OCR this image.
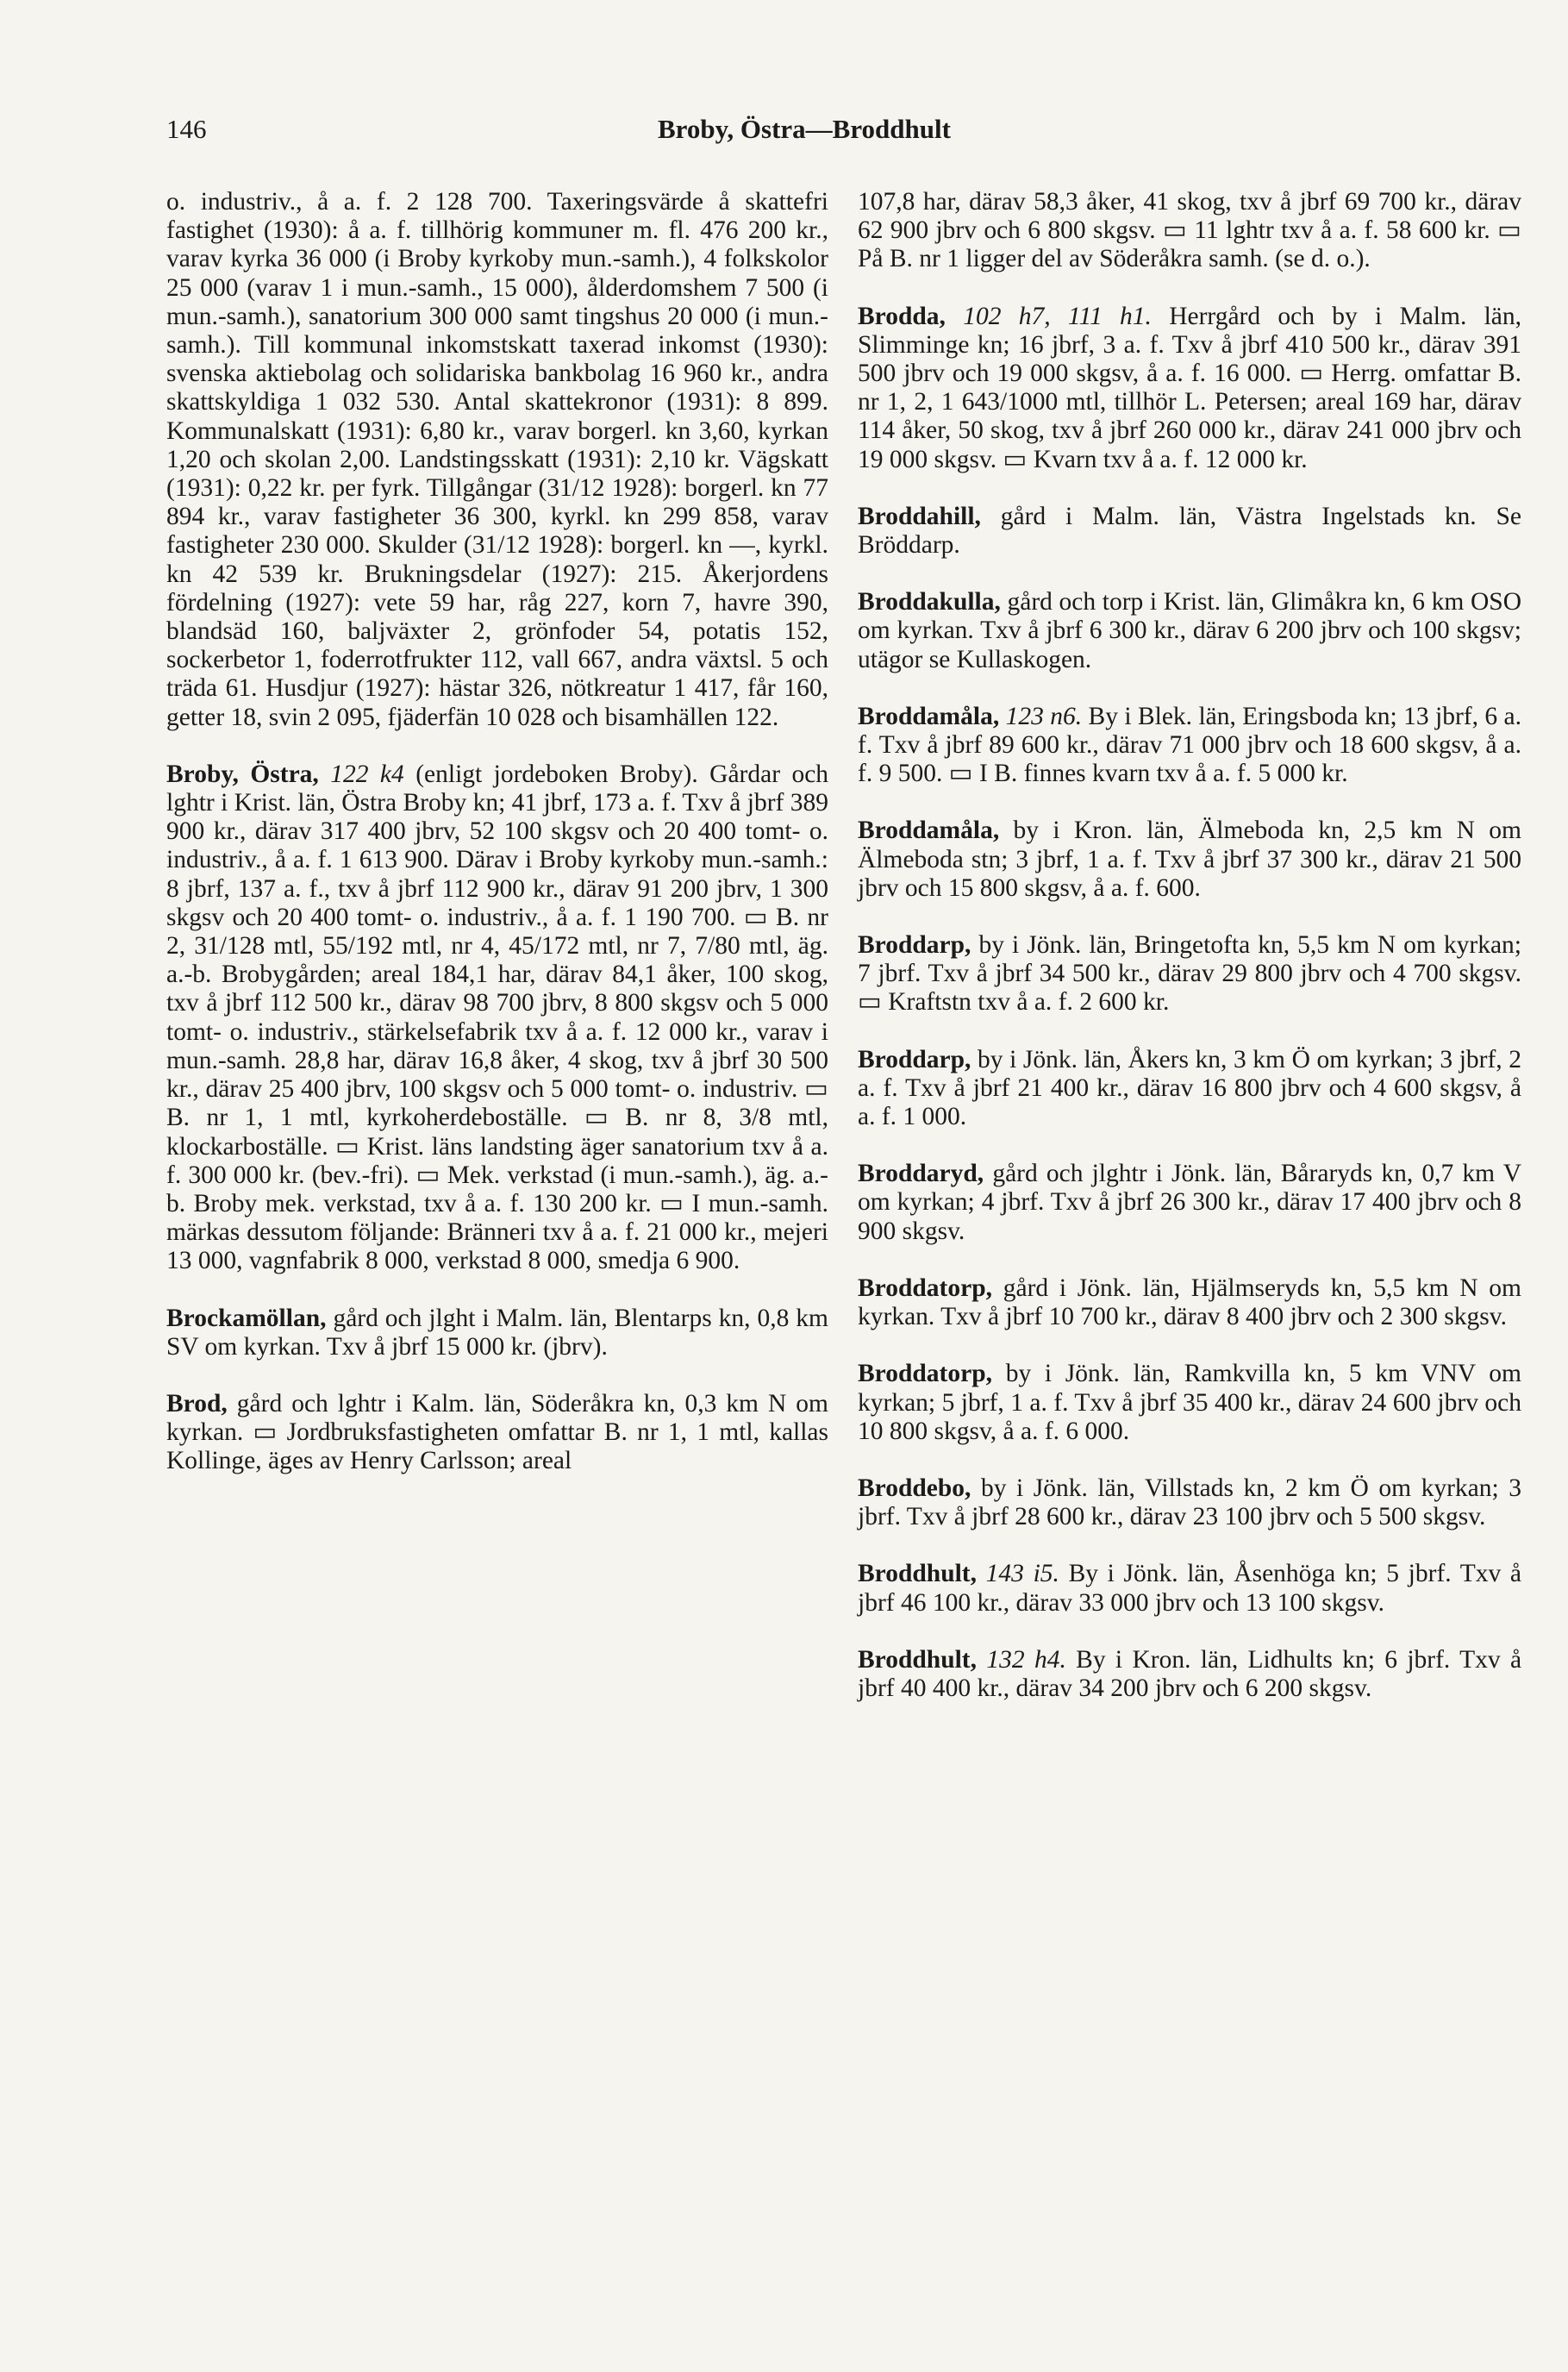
146	Broby, Östra—Broddhult

o. industriv., å a. f. 2 128 700. Taxeringsvärde å skattefri fastighet (1930): å a. f. tillhörig kommuner m. fl. 476 200 kr., varav kyrka 36 000 (i Broby kyrkoby mun.-samh.), 4 folkskolor 25 000 (varav 1 i mun.-samh., 15 000), ålderdomshem 7 500 (i mun.-samh.), sanatorium 300 000 samt tingshus 20 000 (i mun.-samh.). Till kommunal inkomstskatt taxerad inkomst (1930): svenska aktiebolag och solidariska bankbolag 16 960 kr., andra skattskyldiga 1 032 530. Antal skattekronor (1931): 8 899. Kommunalskatt (1931): 6,80 kr., varav borgerl. kn 3,60, kyrkan 1,20 och skolan 2,00. Landstingsskatt (1931): 2,10 kr. Vägskatt (1931): 0,22 kr. per fyrk. Tillgångar (31/12 1928): borgerl. kn 77 894 kr., varav fastigheter 36 300, kyrkl. kn 299 858, varav fastigheter 230 000. Skulder (31/12 1928): borgerl. kn —, kyrkl. kn 42 539 kr. Brukningsdelar (1927): 215. Åkerjordens fördelning (1927): vete 59 har, råg 227, korn 7, havre 390, blandsäd 160, baljväxter 2, grönfoder 54, potatis 152, sockerbetor 1, foderrotfrukter 112, vall 667, andra växtsl. 5 och träda 61. Husdjur (1927): hästar 326, nötkreatur 1 417, får 160, getter 18, svin 2 095, fjäderfän 10 028 och bisamhällen 122.

Broby, Östra, 122 k4 (enligt jordeboken Broby). Gårdar och lghtr i Krist. län, Östra Broby kn; 41 jbrf, 173 a. f. Txv å jbrf 389 900 kr., därav 317 400 jbrv, 52 100 skgsv och 20 400 tomt- o. industriv., å a. f. 1 613 900. Därav i Broby kyrkoby mun.-samh.: 8 jbrf, 137 a. f., txv å jbrf 112 900 kr., därav 91 200 jbrv, 1 300 skgsv och 20 400 tomt- o. industriv., å a. f. 1 190 700. ▭ B. nr 2, 31/128 mtl, 55/192 mtl, nr 4, 45/172 mtl, nr 7, 7/80 mtl, äg. a.-b. Brobygården; areal 184,1 har, därav 84,1 åker, 100 skog, txv å jbrf 112 500 kr., därav 98 700 jbrv, 8 800 skgsv och 5 000 tomt- o. industriv., stärkelsefabrik txv å a. f. 12 000 kr., varav i mun.-samh. 28,8 har, därav 16,8 åker, 4 skog, txv å jbrf 30 500 kr., därav 25 400 jbrv, 100 skgsv och 5 000 tomt- o. industriv. ▭ B. nr 1, 1 mtl, kyrkoherdeboställe. ▭ B. nr 8, 3/8 mtl, klockarboställe. ▭ Krist. läns landsting äger sanatorium txv å a. f. 300 000 kr. (bev.-fri). ▭ Mek. verkstad (i mun.-samh.), äg. a.-b. Broby mek. verkstad, txv å a. f. 130 200 kr. ▭ I mun.-samh. märkas dessutom följande: Bränneri txv å a. f. 21 000 kr., mejeri 13 000, vagnfabrik 8 000, verkstad 8 000, smedja 6 900.

Brockamöllan, gård och jlght i Malm. län, Blentarps kn, 0,8 km SV om kyrkan. Txv å jbrf 15 000 kr. (jbrv).

Brod, gård och lghtr i Kalm. län, Söderåkra kn, 0,3 km N om kyrkan. ▭ Jordbruksfastigheten omfattar B. nr 1, 1 mtl, kallas Kollinge, äges av Henry Carlsson; areal

107,8 har, därav 58,3 åker, 41 skog, txv å jbrf 69 700 kr., därav 62 900 jbrv och 6 800 skgsv. ▭ 11 lghtr txv å a. f. 58 600 kr. ▭ På B. nr 1 ligger del av Söderåkra samh. (se d. o.).

Brodda, 102 h7, 111 h1. Herrgård och by i Malm. län, Slimminge kn; 16 jbrf, 3 a. f. Txv å jbrf 410 500 kr., därav 391 500 jbrv och 19 000 skgsv, å a. f. 16 000. ▭ Herrg. omfattar B. nr 1, 2, 1 643/1000 mtl, tillhör L. Petersen; areal 169 har, därav 114 åker, 50 skog, txv å jbrf 260 000 kr., därav 241 000 jbrv och 19 000 skgsv. ▭ Kvarn txv å a. f. 12 000 kr.

Broddahill, gård i Malm. län, Västra Ingelstads kn. Se Bröddarp.

Broddakulla, gård och torp i Krist. län, Glimåkra kn, 6 km OSO om kyrkan. Txv å jbrf 6 300 kr., därav 6 200 jbrv och 100 skgsv; utägor se Kullaskogen.

Broddamåla, 123 n6. By i Blek. län, Eringsboda kn; 13 jbrf, 6 a. f. Txv å jbrf 89 600 kr., därav 71 000 jbrv och 18 600 skgsv, å a. f. 9 500. ▭ I B. finnes kvarn txv å a. f. 5 000 kr.

Broddamåla, by i Kron. län, Älmeboda kn, 2,5 km N om Älmeboda stn; 3 jbrf, 1 a. f. Txv å jbrf 37 300 kr., därav 21 500 jbrv och 15 800 skgsv, å a. f. 600.

Broddarp, by i Jönk. län, Bringetofta kn, 5,5 km N om kyrkan; 7 jbrf. Txv å jbrf 34 500 kr., därav 29 800 jbrv och 4 700 skgsv. ▭ Kraftstn txv å a. f. 2 600 kr.

Broddarp, by i Jönk. län, Åkers kn, 3 km Ö om kyrkan; 3 jbrf, 2 a. f. Txv å jbrf 21 400 kr., därav 16 800 jbrv och 4 600 skgsv, å a. f. 1 000.

Broddaryd, gård och jlghtr i Jönk. län, Båraryds kn, 0,7 km V om kyrkan; 4 jbrf. Txv å jbrf 26 300 kr., därav 17 400 jbrv och 8 900 skgsv.

Broddatorp, gård i Jönk. län, Hjälmseryds kn, 5,5 km N om kyrkan. Txv å jbrf 10 700 kr., därav 8 400 jbrv och 2 300 skgsv.

Broddatorp, by i Jönk. län, Ramkvilla kn, 5 km VNV om kyrkan; 5 jbrf, 1 a. f. Txv å jbrf 35 400 kr., därav 24 600 jbrv och 10 800 skgsv, å a. f. 6 000.

Broddebo, by i Jönk. län, Villstads kn, 2 km Ö om kyrkan; 3 jbrf. Txv å jbrf 28 600 kr., därav 23 100 jbrv och 5 500 skgsv.

Broddhult, 143 i5. By i Jönk. län, Åsenhöga kn; 5 jbrf. Txv å jbrf 46 100 kr., därav 33 000 jbrv och 13 100 skgsv.

Broddhult, 132 h4. By i Kron. län, Lidhults kn; 6 jbrf. Txv å jbrf 40 400 kr., därav 34 200 jbrv och 6 200 skgsv.
